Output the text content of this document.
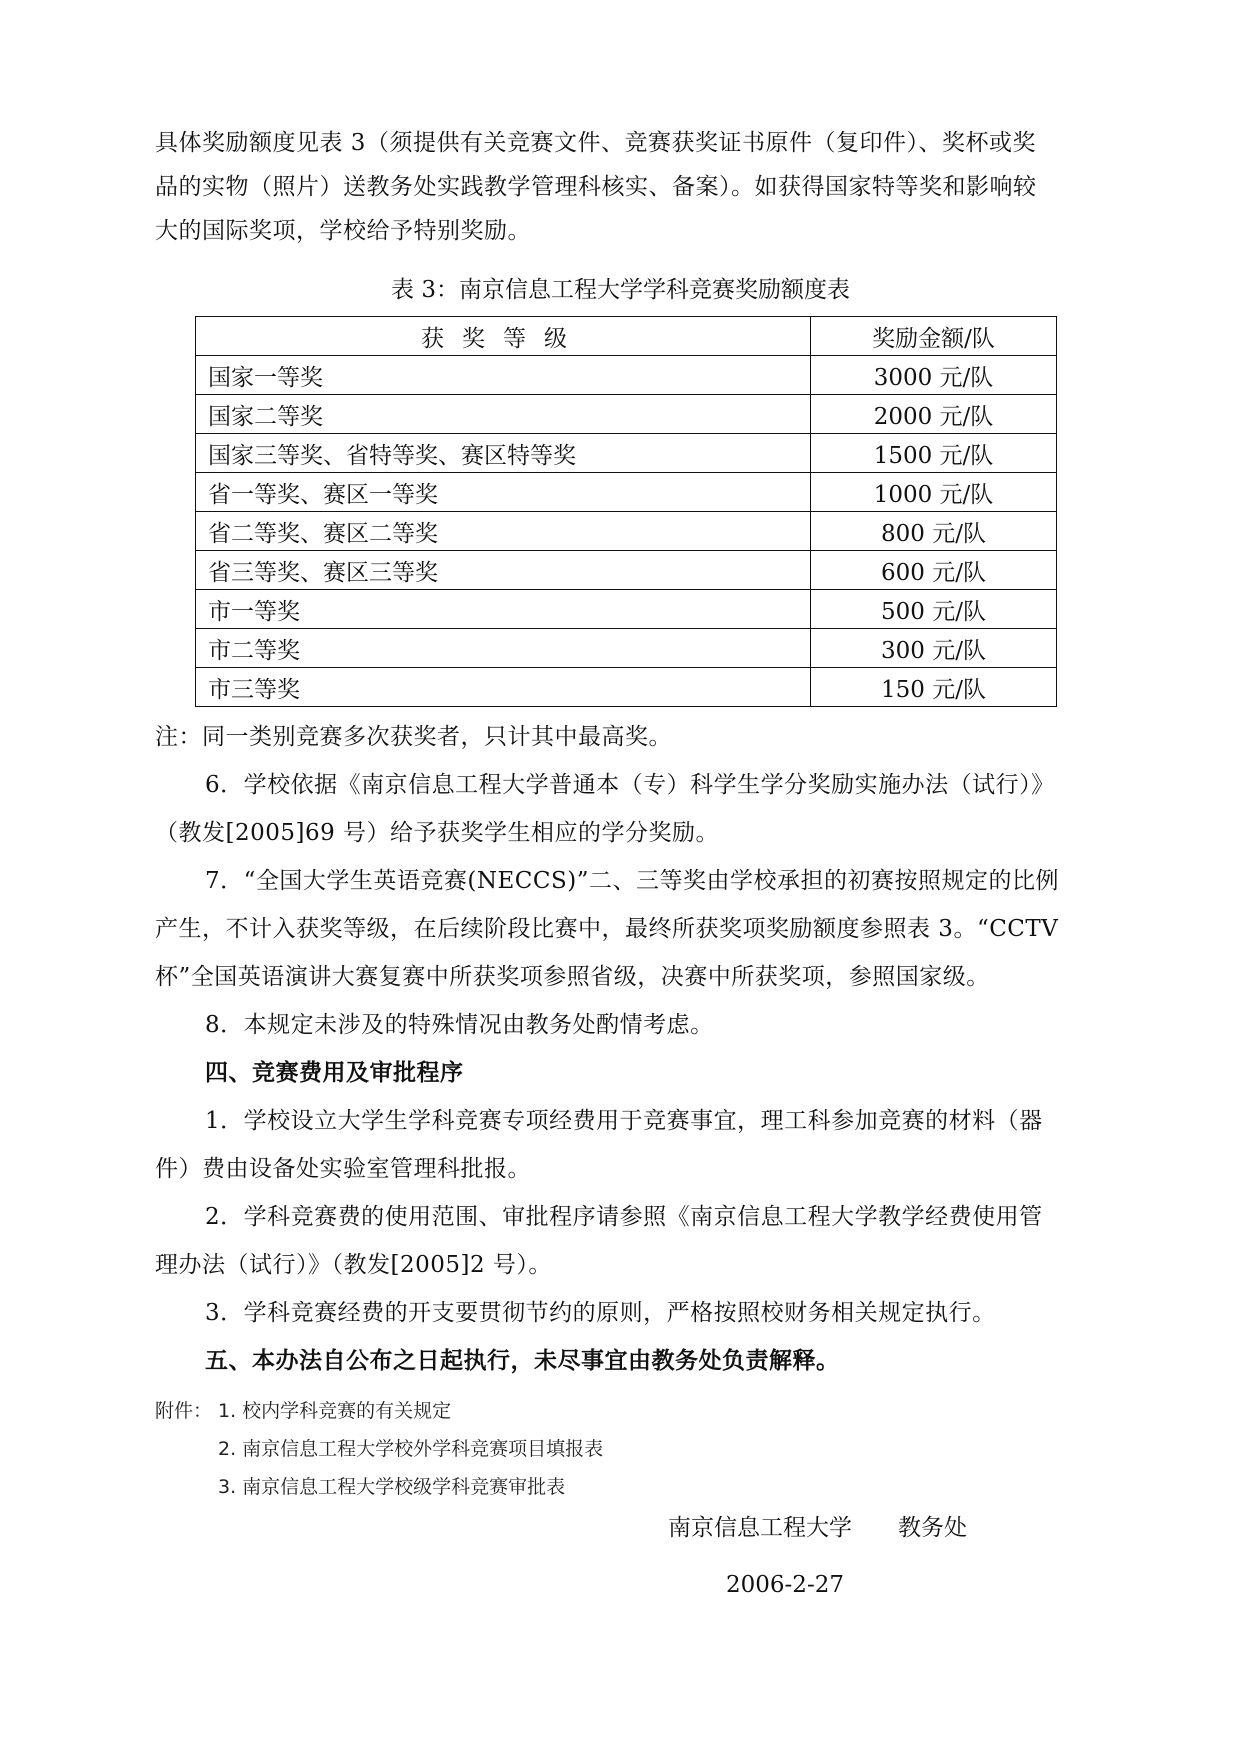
具体奖励额度见表 3（须提供有关竞赛文件、竞赛获奖证书原件（复印件）、奖杯或奖
品的实物（照片）送教务处实践教学管理科核实、备案）。如获得国家特等奖和影响较
大的国际奖项，学校给予特别奖励。
表 3：南京信息工程大学学科竞赛奖励额度表
获奖等级	奖励金额/队
国家一等奖	3000 元/队
国家二等奖	2000 元/队
国家三等奖、省特等奖、赛区特等奖	1500 元/队
省一等奖、赛区一等奖	1000 元/队
省二等奖、赛区二等奖	800 元/队
省三等奖、赛区三等奖	600 元/队
市一等奖	500 元/队
市二等奖	300 元/队
市三等奖	150 元/队
注：同一类别竞赛多次获奖者，只计其中最高奖。
6．学校依据《南京信息工程大学普通本（专）科学生学分奖励实施办法（试行）》
（教发[2005]69 号）给予获奖学生相应的学分奖励。
7．“全国大学生英语竞赛(NECCS)”二、三等奖由学校承担的初赛按照规定的比例
产生，不计入获奖等级，在后续阶段比赛中，最终所获奖项奖励额度参照表 3。“CCTV
杯”全国英语演讲大赛复赛中所获奖项参照省级，决赛中所获奖项，参照国家级。
8．本规定未涉及的特殊情况由教务处酌情考虑。
四、竞赛费用及审批程序
1．学校设立大学生学科竞赛专项经费用于竞赛事宜，理工科参加竞赛的材料（器
件）费由设备处实验室管理科批报。
2．学科竞赛费的使用范围、审批程序请参照《南京信息工程大学教学经费使用管
理办法（试行）》（教发[2005]2 号）。
3．学科竞赛经费的开支要贯彻节约的原则，严格按照校财务相关规定执行。
五、本办法自公布之日起执行，未尽事宜由教务处负责解释。
附件： 1. 校内学科竞赛的有关规定
2. 南京信息工程大学校外学科竞赛项目填报表
3. 南京信息工程大学校级学科竞赛审批表
南京信息工程大学　　教务处
2006-2-27
